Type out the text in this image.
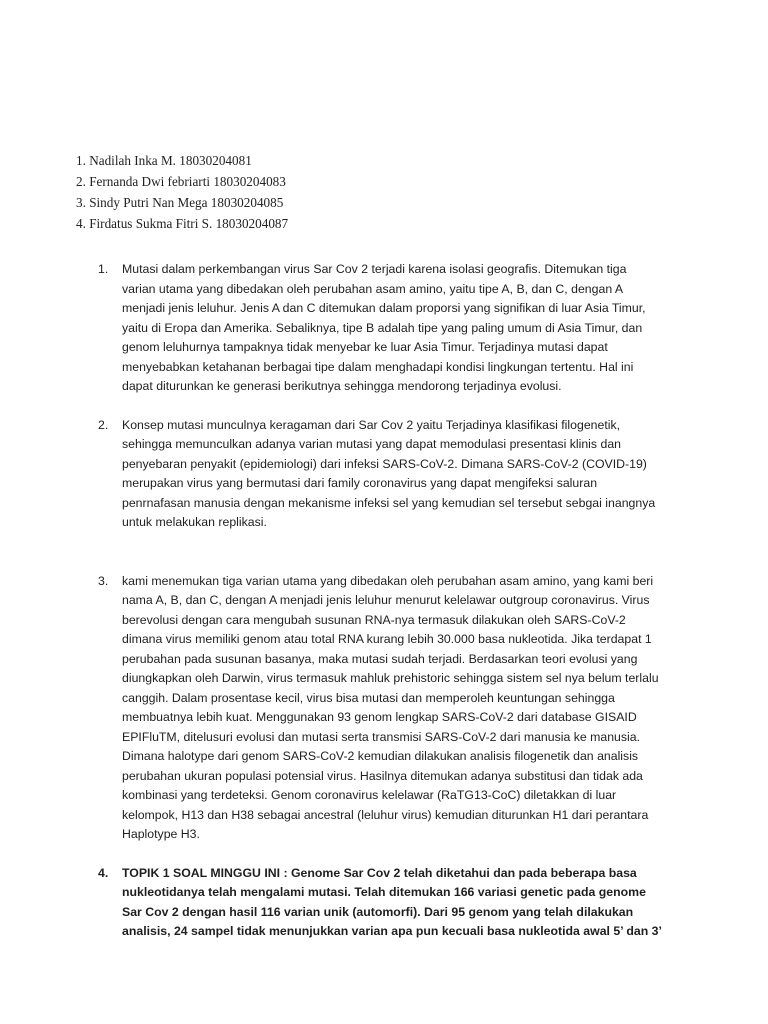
1. Nadilah Inka M. 18030204081
2. Fernanda Dwi febriarti 18030204083
3. Sindy Putri Nan Mega 18030204085
4. Firdatus Sukma Fitri S. 18030204087
1. Mutasi dalam perkembangan virus Sar Cov 2 terjadi karena isolasi geografis. Ditemukan tiga varian utama yang dibedakan oleh perubahan asam amino, yaitu tipe A, B, dan C, dengan A menjadi jenis leluhur. Jenis A dan C ditemukan dalam proporsi yang signifikan di luar Asia Timur, yaitu di Eropa dan Amerika. Sebaliknya, tipe B adalah tipe yang paling umum di Asia Timur, dan genom leluhurnya tampaknya tidak menyebar ke luar Asia Timur. Terjadinya mutasi dapat menyebabkan ketahanan berbagai tipe dalam menghadapi kondisi lingkungan tertentu. Hal ini dapat diturunkan ke generasi berikutnya sehingga mendorong terjadinya evolusi.
2. Konsep mutasi munculnya keragaman dari Sar Cov 2 yaitu Terjadinya klasifikasi filogenetik, sehingga memunculkan adanya varian mutasi yang dapat memodulasi presentasi klinis dan penyebaran penyakit (epidemiologi) dari infeksi SARS-CoV-2. Dimana SARS-CoV-2 (COVID-19) merupakan virus yang bermutasi dari family coronavirus yang dapat mengifeksi saluran penrnafasan manusia dengan mekanisme infeksi sel yang kemudian sel tersebut sebgai inangnya untuk melakukan replikasi.
3. kami menemukan tiga varian utama yang dibedakan oleh perubahan asam amino, yang kami beri nama A, B, dan C, dengan A menjadi jenis leluhur menurut kelelawar outgroup coronavirus. Virus berevolusi dengan cara mengubah susunan RNA-nya termasuk dilakukan oleh SARS-CoV-2 dimana virus memiliki genom atau total RNA kurang lebih 30.000 basa nukleotida. Jika terdapat 1 perubahan pada susunan basanya, maka mutasi sudah terjadi. Berdasarkan teori evolusi yang diungkapkan oleh Darwin, virus termasuk mahluk prehistoric sehingga sistem sel nya belum terlalu canggih. Dalam prosentase kecil, virus bisa mutasi dan memperoleh keuntungan sehingga membuatnya lebih kuat. Menggunakan 93 genom lengkap SARS-CoV-2 dari database GISAID EPIFluTM, ditelusuri evolusi dan mutasi serta transmisi SARS-CoV-2 dari manusia ke manusia. Dimana halotype dari genom SARS-CoV-2 kemudian dilakukan analisis filogenetik dan analisis perubahan ukuran populasi potensial virus. Hasilnya ditemukan adanya substitusi dan tidak ada kombinasi yang terdeteksi. Genom coronavirus kelelawar (RaTG13-CoC) diletakkan di luar kelompok, H13 dan H38 sebagai ancestral (leluhur virus) kemudian diturunkan H1 dari perantara Haplotype H3.
4. TOPIK 1 SOAL MINGGU INI : Genome Sar Cov 2 telah diketahui dan pada beberapa basa nukleotidanya telah mengalami mutasi. Telah ditemukan 166 variasi genetic pada genome Sar Cov 2 dengan hasil 116 varian unik (automorfi). Dari 95 genom yang telah dilakukan analisis, 24 sampel tidak menunjukkan varian apa pun kecuali basa nukleotida awal 5’ dan 3’
